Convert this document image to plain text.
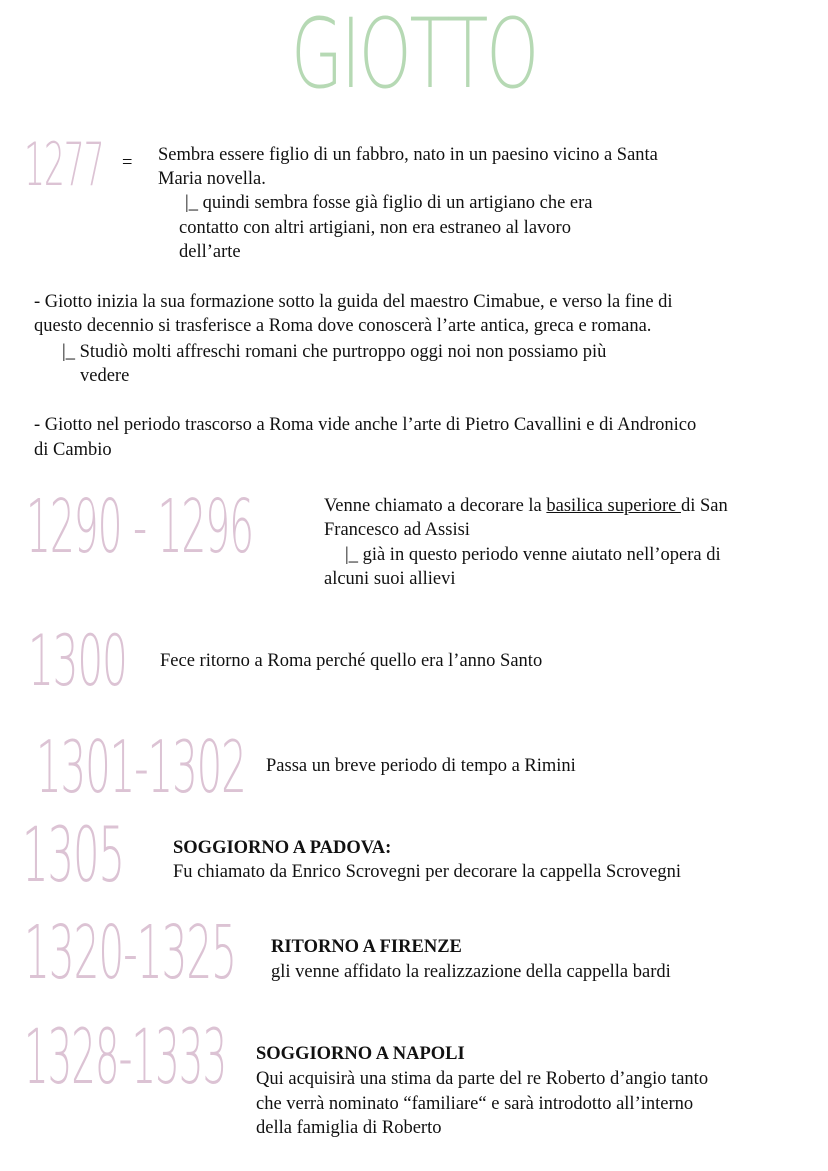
GIOTTO
1277 = Sembra essere figlio di un fabbro, nato in un paesino vicino a Santa
Maria novella.
|_ quindi sembra fosse già figlio di un artigiano che era
contatto con altri artigiani, non era estraneo al lavoro
dell’arte
- Giotto inizia la sua formazione sotto la guida del maestro Cimabue, e verso la fine di
questo decennio si trasferisce a Roma dove conoscerà l’arte antica, greca e romana.
|_ Studiò molti affreschi romani che purtroppo oggi noi non possiamo più
vedere
- Giotto nel periodo trascorso a Roma vide anche l’arte di Pietro Cavallini e di Andronico
di Cambio
1290 - 1296	Venne chiamato a decorare la basilica superiore di San
Francesco ad Assisi
|_ già in questo periodo venne aiutato nell’opera di
alcuni suoi allievi
1300 Fece ritorno a Roma perché quello era l’anno Santo
1301-1302 Passa un breve periodo di tempo a Rimini
1305	SOGGIORNO A PADOVA:
Fu chiamato da Enrico Scrovegni per decorare la cappella Scrovegni
1320-1325 RITORNO A FIRENZE
gli venne affidato la realizzazione della cappella bardi
1328-1333 SOGGIORNO A NAPOLI
Qui acquisirà una stima da parte del re Roberto d’angio tanto
che verrà nominato “familiare“ e sarà introdotto all’interno
della famiglia di Roberto
